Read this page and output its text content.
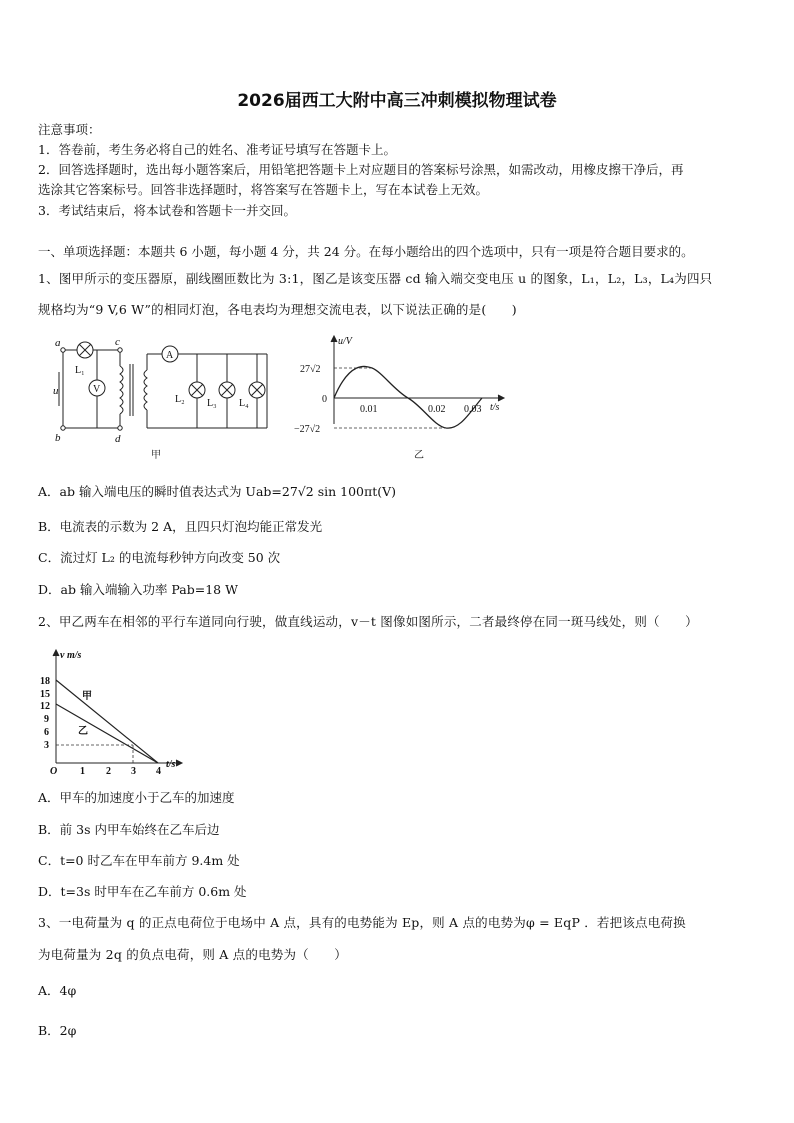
2026届西工大附中高三冲刺模拟物理试卷
注意事项：
1．答卷前，考生务必将自己的姓名、准考证号填写在答题卡上。
2．回答选择题时，选出每小题答案后，用铅笔把答题卡上对应题目的答案标号涂黑，如需改动，用橡皮擦干净后，再
选涂其它答案标号。回答非选择题时，将答案写在答题卡上，写在本试卷上无效。
3．考试结束后，将本试卷和答题卡一并交回。
一、单项选择题：本题共 6 小题，每小题 4 分，共 24 分。在每小题给出的四个选项中，只有一项是符合题目要求的。
1、图甲所示的变压器原，副线圈匝数比为 3:1，图乙是该变压器 cd 输入端交变电压 u 的图象，L₁，L₂，L₃，L₄为四只
规格均为“9 V,6 W”的相同灯泡，各电表均为理想交流电表，以下说法正确的是(　　)
a
b
c
d
u	V
A
L₁
L₂ L₃ L₄
甲
u/V
t/s
27√2
−27√2
0
0.01	0.02 0.03
乙
A．ab 输入端电压的瞬时值表达式为 Uab=27√2 sin 100πt(V)
B．电流表的示数为 2 A，且四只灯泡均能正常发光
C．流过灯 L₂ 的电流每秒钟方向改变 50 次
D．ab 输入端输入功率 Pab=18 W
2、甲乙两车在相邻的平行车道同向行驶，做直线运动，v－t 图像如图所示，二者最终停在同一斑马线处，则（　　）
v m/s
t/s
O
18
15
12
9
6
3
1 2 3 4
甲
乙
A．甲车的加速度小于乙车的加速度
B．前 3s 内甲车始终在乙车后边
C．t=0 时乙车在甲车前方 9.4m 处
D．t=3s 时甲车在乙车前方 0.6m 处
3、一电荷量为 q 的正点电荷位于电场中 A 点，具有的电势能为 Ep，则 A 点的电势为φ = EqP ．若把该点电荷换
为电荷量为 2q 的负点电荷，则 A 点的电势为（　　）
A．4φ
B．2φ
